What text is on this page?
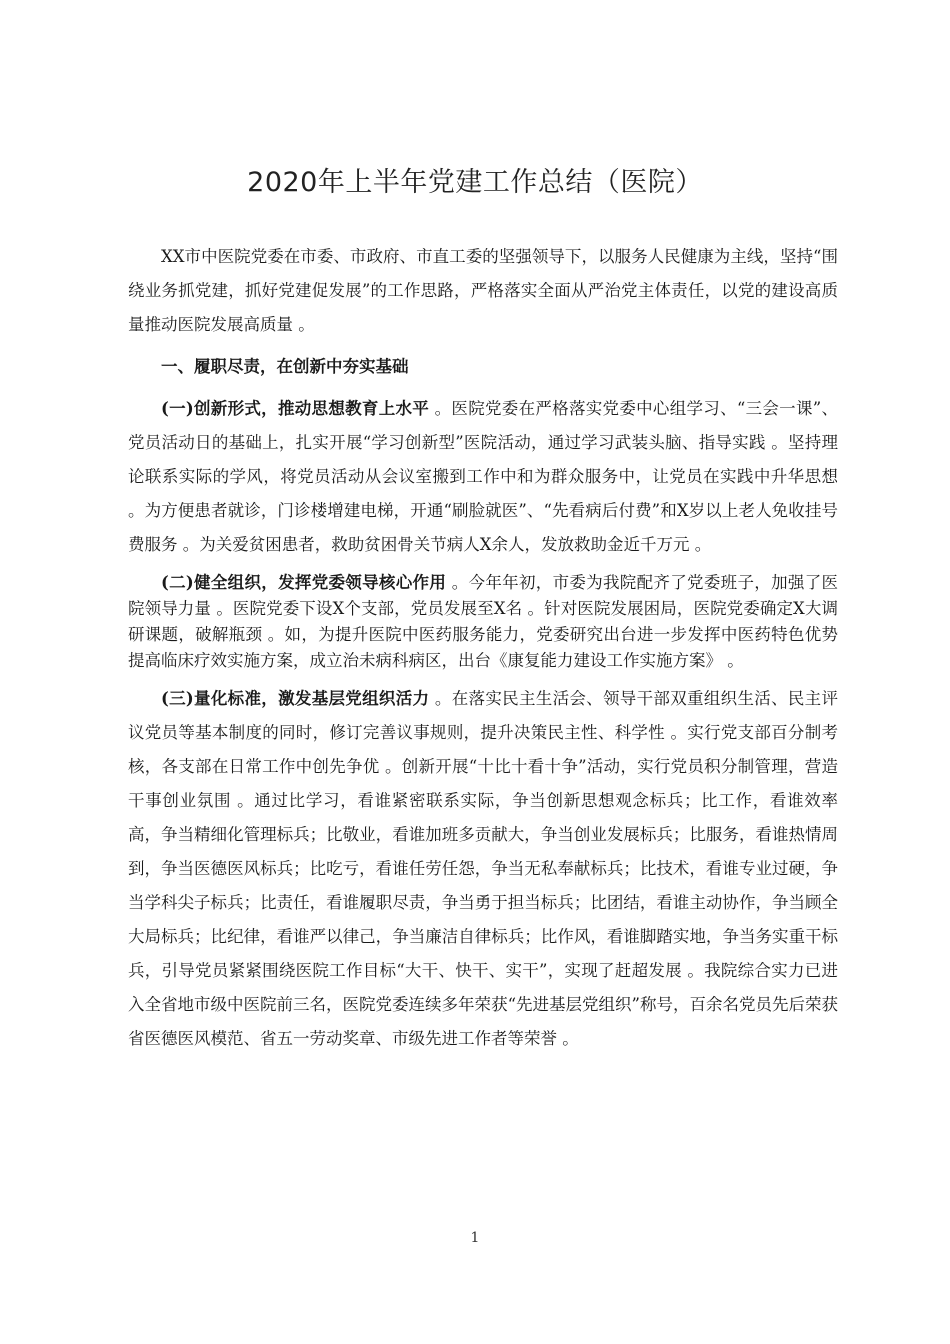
2020年上半年党建工作总结（医院）

XX市中医院党委在市委、市政府、市直工委的坚强领导下，以服务人民健康为主线，坚持“围绕业务抓党建，抓好党建促发展”的工作思路，严格落实全面从严治党主体责任，以党的建设高质量推动医院发展高质量 。

一、履职尽责，在创新中夯实基础

(一)创新形式，推动思想教育上水平 。医院党委在严格落实党委中心组学习、“三会一课”、党员活动日的基础上，扎实开展“学习创新型”医院活动，通过学习武装头脑、指导实践 。坚持理论联系实际的学风，将党员活动从会议室搬到工作中和为群众服务中，让党员在实践中升华思想 。为方便患者就诊，门诊楼增建电梯，开通“刷脸就医”、“先看病后付费”和X岁以上老人免收挂号费服务 。为关爱贫困患者，救助贫困骨关节病人X余人，发放救助金近千万元 。

(二)健全组织，发挥党委领导核心作用 。今年年初，市委为我院配齐了党委班子，加强了医院领导力量 。医院党委下设X个支部，党员发展至X名 。针对医院发展困局，医院党委确定X大调研课题，破解瓶颈 。如，为提升医院中医药服务能力，党委研究出台进一步发挥中医药特色优势提高临床疗效实施方案，成立治未病科病区，出台《康复能力建设工作实施方案》 。

(三)量化标准，激发基层党组织活力 。在落实民主生活会、领导干部双重组织生活、民主评议党员等基本制度的同时，修订完善议事规则，提升决策民主性、科学性 。实行党支部百分制考核，各支部在日常工作中创先争优 。创新开展“十比十看十争”活动，实行党员积分制管理，营造干事创业氛围 。通过比学习，看谁紧密联系实际，争当创新思想观念标兵；比工作，看谁效率高，争当精细化管理标兵；比敬业，看谁加班多贡献大，争当创业发展标兵；比服务，看谁热情周到，争当医德医风标兵；比吃亏，看谁任劳任怨，争当无私奉献标兵；比技术，看谁专业过硬，争当学科尖子标兵；比责任，看谁履职尽责，争当勇于担当标兵；比团结，看谁主动协作，争当顾全大局标兵；比纪律，看谁严以律己，争当廉洁自律标兵；比作风，看谁脚踏实地，争当务实重干标兵，引导党员紧紧围绕医院工作目标“大干、快干、实干”，实现了赶超发展 。我院综合实力已进入全省地市级中医院前三名，医院党委连续多年荣获“先进基层党组织”称号，百余名党员先后荣获省医德医风模范、省五一劳动奖章、市级先进工作者等荣誉 。

1
